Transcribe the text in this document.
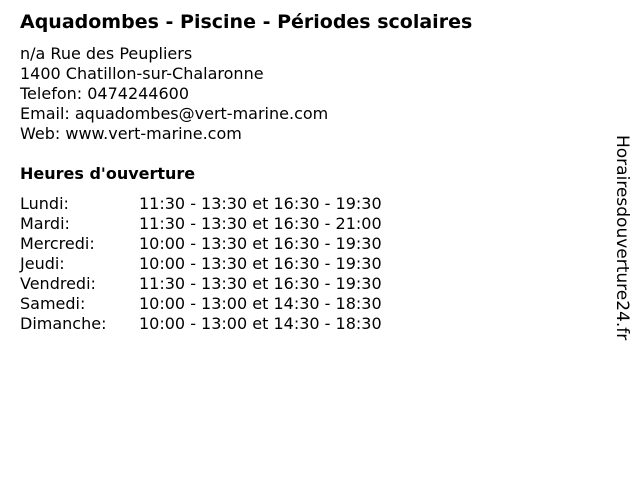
Aquadombes - Piscine - Périodes scolaires
n/a Rue des Peupliers
1400 Chatillon-sur-Chalaronne
Telefon: 0474244600
Email: aquadombes@vert-marine.com
Web: www.vert-marine.com
Heures d'ouverture
Lundi:	11:30 - 13:30 et 16:30 - 19:30
Mardi:	11:30 - 13:30 et 16:30 - 21:00
Mercredi:	10:00 - 13:30 et 16:30 - 19:30
Jeudi:	10:00 - 13:30 et 16:30 - 19:30
Vendredi:	11:30 - 13:30 et 16:30 - 19:30
Samedi:	10:00 - 13:00 et 14:30 - 18:30
Dimanche: 10:00 - 13:00 et 14:30 - 18:30	Horairesdouverture24.fr
